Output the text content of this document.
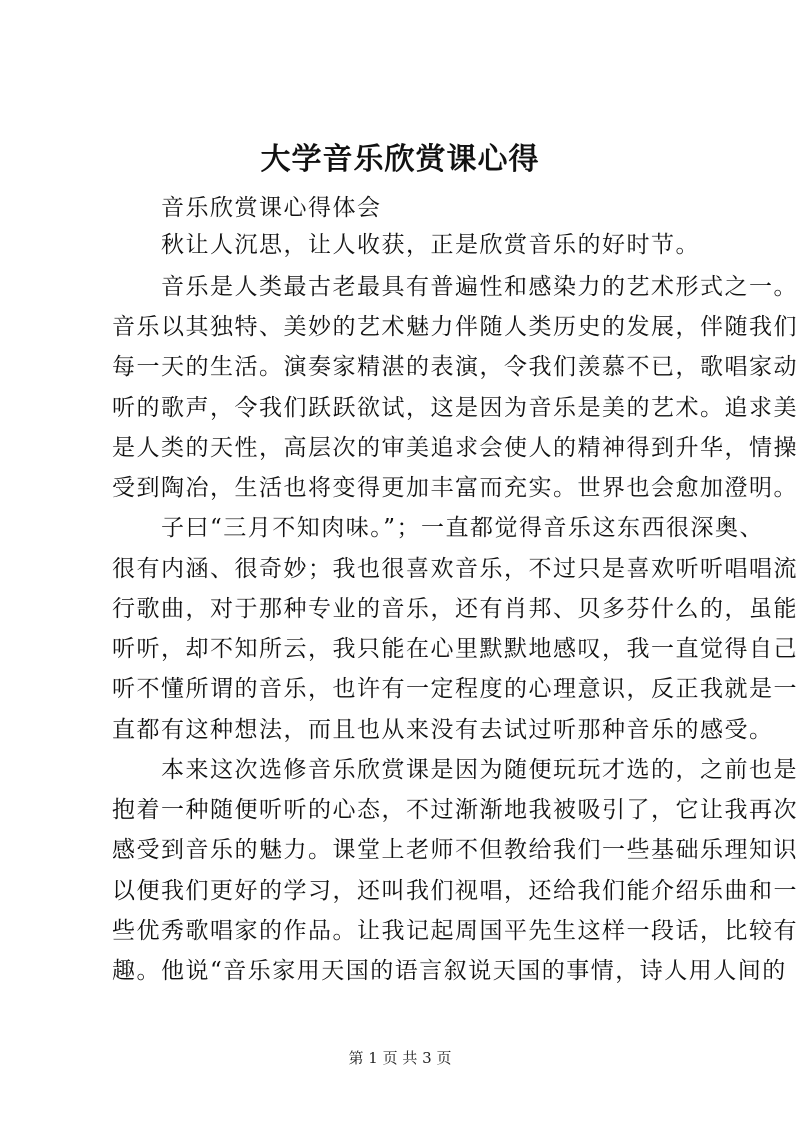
大学音乐欣赏课心得
　　音乐欣赏课心得体会
　　秋让人沉思，让人收获，正是欣赏音乐的好时节。
　　音乐是人类最古老最具有普遍性和感染力的艺术形式之一。
音乐以其独特、美妙的艺术魅力伴随人类历史的发展，伴随我们
每一天的生活。演奏家精湛的表演，令我们羡慕不已，歌唱家动
听的歌声，令我们跃跃欲试，这是因为音乐是美的艺术。追求美
是人类的天性，高层次的审美追求会使人的精神得到升华，情操
受到陶冶，生活也将变得更加丰富而充实。世界也会愈加澄明。
　　子曰“三月不知肉味。”；一直都觉得音乐这东西很深奥、
很有内涵、很奇妙；我也很喜欢音乐，不过只是喜欢听听唱唱流
行歌曲，对于那种专业的音乐，还有肖邦、贝多芬什么的，虽能
听听，却不知所云，我只能在心里默默地感叹，我一直觉得自己
听不懂所谓的音乐，也许有一定程度的心理意识，反正我就是一
直都有这种想法，而且也从来没有去试过听那种音乐的感受。
　　本来这次选修音乐欣赏课是因为随便玩玩才选的，之前也是
抱着一种随便听听的心态，不过渐渐地我被吸引了，它让我再次
感受到音乐的魅力。课堂上老师不但教给我们一些基础乐理知识
以便我们更好的学习，还叫我们视唱，还给我们能介绍乐曲和一
些优秀歌唱家的作品。让我记起周国平先生这样一段话，比较有
趣。他说“音乐家用天国的语言叙说天国的事情，诗人用人间的
第 1 页 共 3 页
